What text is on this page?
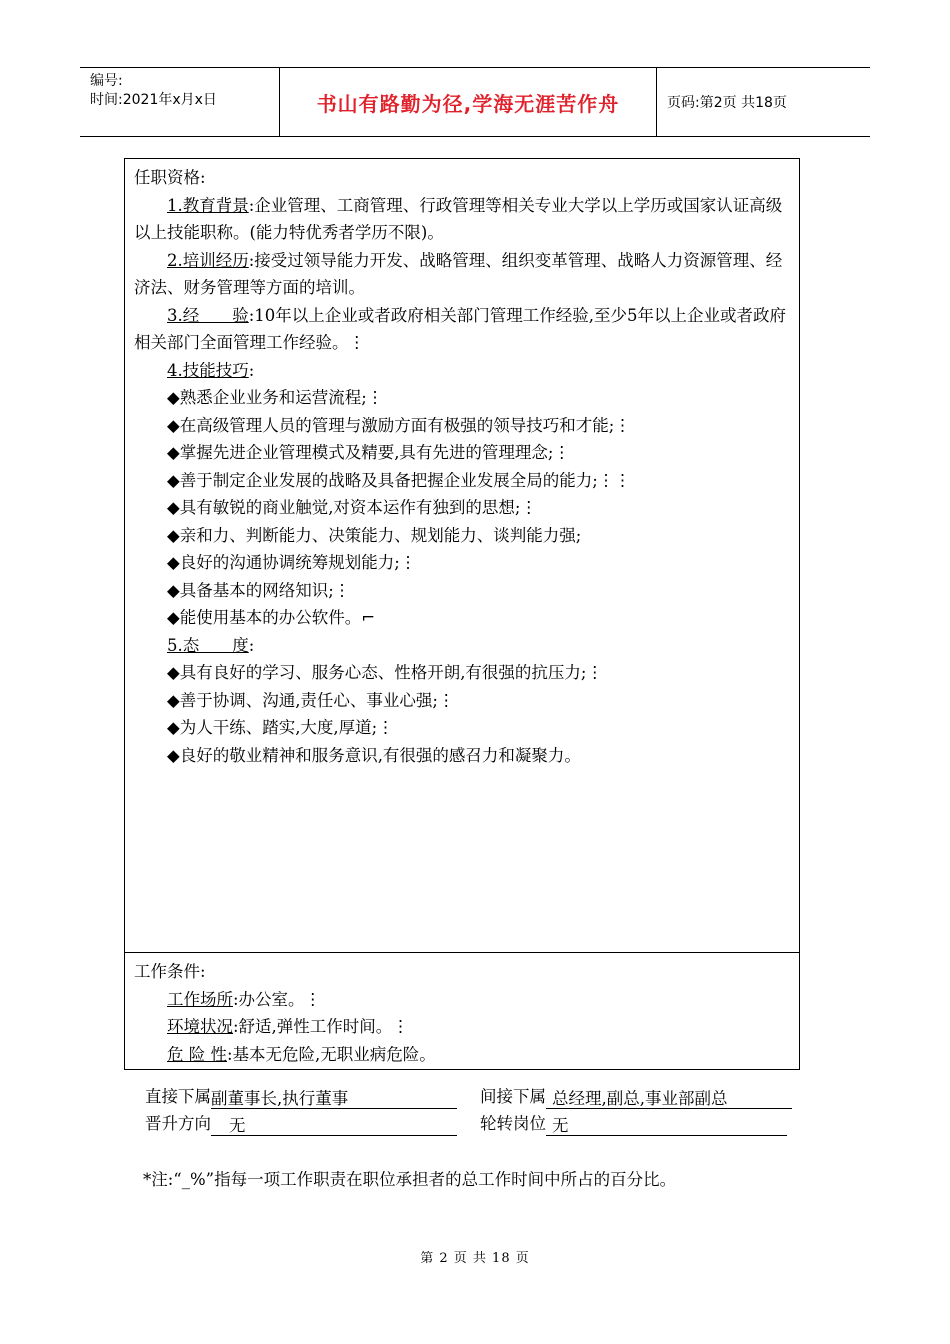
编号:
时间:2021年x月x日	书山有路勤为径,学海无涯苦作舟	页码:第2页 共18页

任职资格:

1.教育背景:企业管理、工商管理、行政管理等相关专业大学以上学历或国家认证高级以上技能职称。(能力特优秀者学历不限)。

2.培训经历:接受过领导能力开发、战略管理、组织变革管理、战略人力资源管理、经济法、财务管理等方面的培训。

3.经　　验:10年以上企业或者政府相关部门管理工作经验,至少5年以上企业或者政府相关部门全面管理工作经验。⋮

4.技能技巧:

◆熟悉企业业务和运营流程;⋮

◆在高级管理人员的管理与激励方面有极强的领导技巧和才能;⋮

◆掌握先进企业管理模式及精要,具有先进的管理理念;⋮

◆善于制定企业发展的战略及具备把握企业发展全局的能力;⋮⋮

◆具有敏锐的商业触觉,对资本运作有独到的思想;⋮

◆亲和力、判断能力、决策能力、规划能力、谈判能力强;

◆良好的沟通协调统筹规划能力;⋮

◆具备基本的网络知识;⋮

◆能使用基本的办公软件。⌐

5.态　　度:

◆具有良好的学习、服务心态、性格开朗,有很强的抗压力;⋮

◆善于协调、沟通,责任心、事业心强;⋮

◆为人干练、踏实,大度,厚道;⋮

◆良好的敬业精神和服务意识,有很强的感召力和凝聚力。

工作条件:

工作场所:办公室。⋮

环境状况:舒适,弹性工作时间。⋮

危 险 性:基本无危险,无职业病危险。

直接下属副董事长,执行董事	间接下属 总经理,副总,事业部副总
晋升方向 无	轮转岗位 无
*注:“_%”指每一项工作职责在职位承担者的总工作时间中所占的百分比。
第 2 页 共 18 页
